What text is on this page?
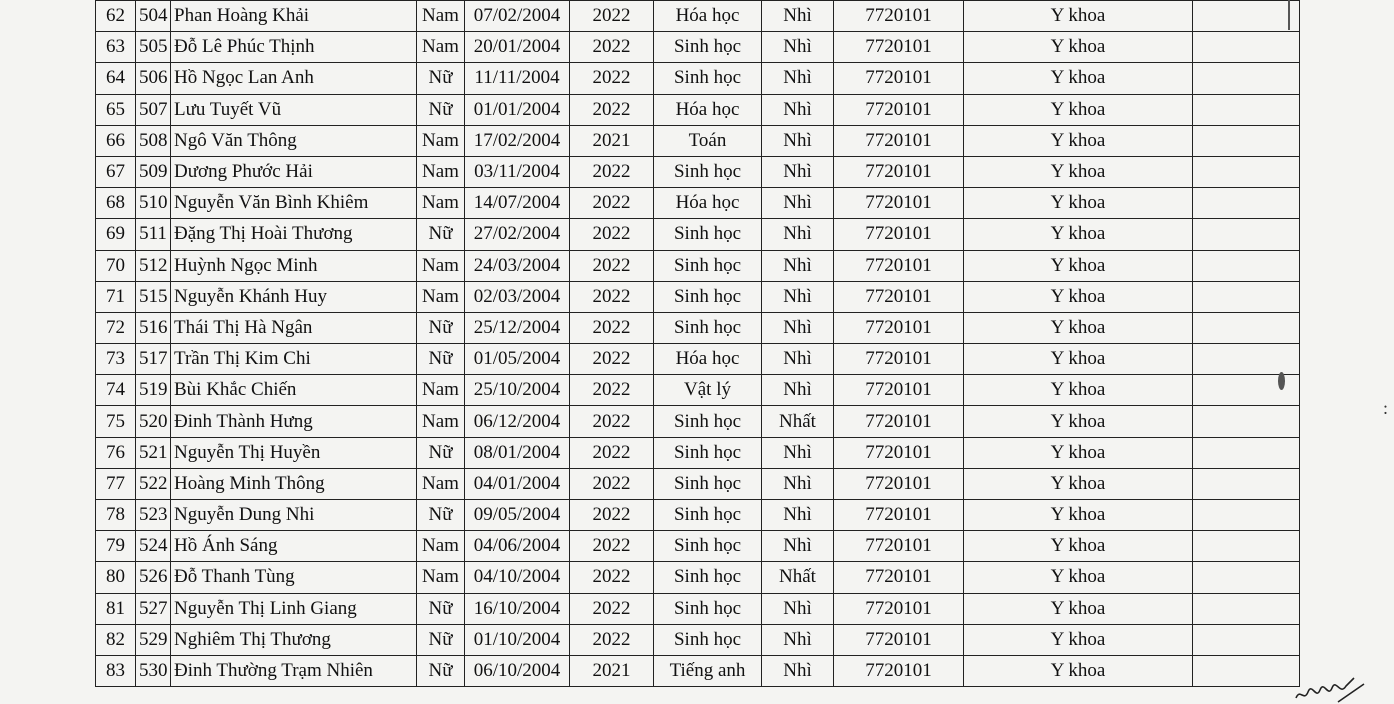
62	504	Phan Hoàng Khải	Nam	07/02/2004	2022	Hóa học	Nhì	7720101	Y khoa	
63	505	Đỗ Lê Phúc Thịnh	Nam	20/01/2004	2022	Sinh học	Nhì	7720101	Y khoa	
64	506	Hồ Ngọc Lan Anh	Nữ	11/11/2004	2022	Sinh học	Nhì	7720101	Y khoa	
65	507	Lưu Tuyết Vũ	Nữ	01/01/2004	2022	Hóa học	Nhì	7720101	Y khoa	
66	508	Ngô Văn Thông	Nam	17/02/2004	2021	Toán	Nhì	7720101	Y khoa	
67	509	Dương Phước Hải	Nam	03/11/2004	2022	Sinh học	Nhì	7720101	Y khoa	
68	510	Nguyễn Văn Bình Khiêm	Nam	14/07/2004	2022	Hóa học	Nhì	7720101	Y khoa	
69	511	Đặng Thị Hoài Thương	Nữ	27/02/2004	2022	Sinh học	Nhì	7720101	Y khoa	
70	512	Huỳnh Ngọc Minh	Nam	24/03/2004	2022	Sinh học	Nhì	7720101	Y khoa	
71	515	Nguyễn Khánh Huy	Nam	02/03/2004	2022	Sinh học	Nhì	7720101	Y khoa	
72	516	Thái Thị Hà Ngân	Nữ	25/12/2004	2022	Sinh học	Nhì	7720101	Y khoa	
73	517	Trần Thị Kim Chi	Nữ	01/05/2004	2022	Hóa học	Nhì	7720101	Y khoa	
74	519	Bùi Khắc Chiến	Nam	25/10/2004	2022	Vật lý	Nhì	7720101	Y khoa	
75	520	Đinh Thành Hưng	Nam	06/12/2004	2022	Sinh học	Nhất	7720101	Y khoa	
76	521	Nguyễn Thị Huyền	Nữ	08/01/2004	2022	Sinh học	Nhì	7720101	Y khoa	
77	522	Hoàng Minh Thông	Nam	04/01/2004	2022	Sinh học	Nhì	7720101	Y khoa	
78	523	Nguyễn Dung Nhi	Nữ	09/05/2004	2022	Sinh học	Nhì	7720101	Y khoa	
79	524	Hồ Ánh Sáng	Nam	04/06/2004	2022	Sinh học	Nhì	7720101	Y khoa	
80	526	Đỗ Thanh Tùng	Nam	04/10/2004	2022	Sinh học	Nhất	7720101	Y khoa	
81	527	Nguyễn Thị Linh Giang	Nữ	16/10/2004	2022	Sinh học	Nhì	7720101	Y khoa	
82	529	Nghiêm Thị Thương	Nữ	01/10/2004	2022	Sinh học	Nhì	7720101	Y khoa	
83	530	Đinh Thường Trạm Nhiên	Nữ	06/10/2004	2021	Tiếng anh	Nhì	7720101	Y khoa	
:
